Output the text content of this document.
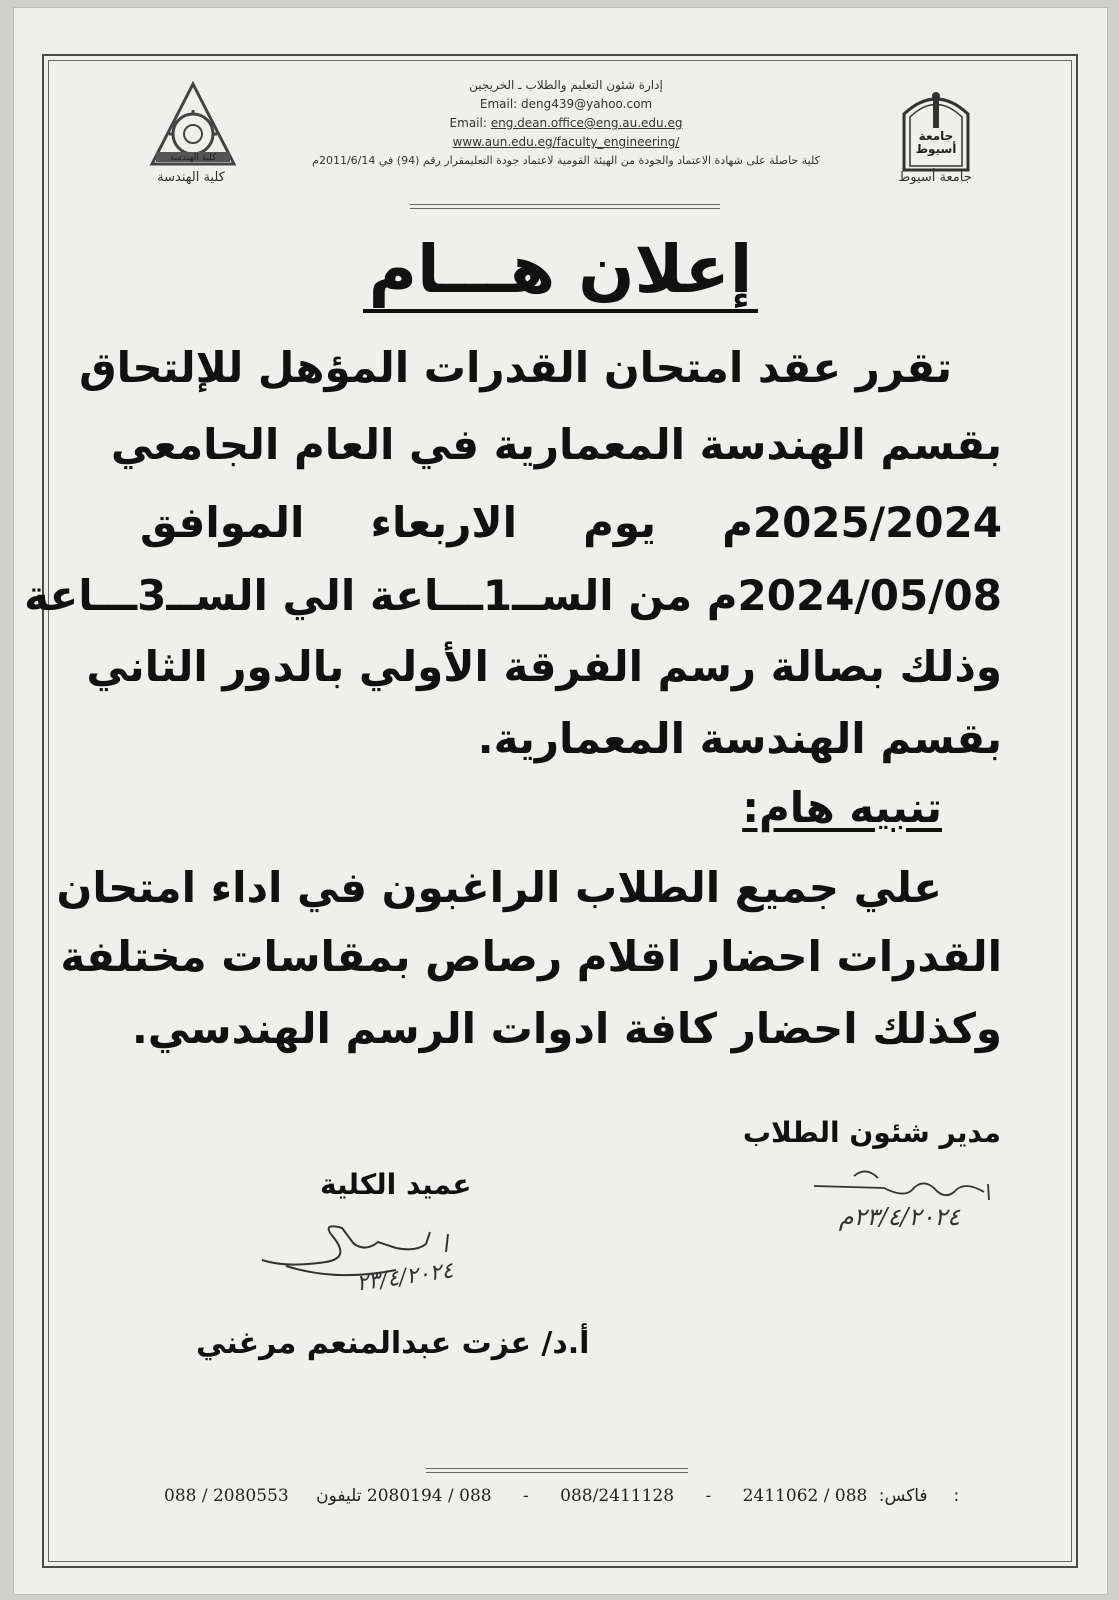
جامعة أسيوط
جامعة أسيوط
كلية الهندسة
كلية الهندسة
إدارة شئون التعليم والطلاب ـ الخريجين
Email: deng439@yahoo.com
Email: eng.dean.office@eng.au.edu.eg
www.aun.edu.eg/faculty_engineering/
كلية حاصلة على شهادة الاعتماد والجودة من الهيئة القومية لاعتماد جودة التعليمقرار رقم (94) في 2011/6/14م
إعلان هـــام
تقرر عقد امتحان القدرات المؤهل للإلتحاق
بقسم الهندسة المعمارية في العام الجامعي
2025/2024م يوم الاربعاء الموافق
2024/05/08م من الســ1ـــاعة الي الســ3ـــاعة
وذلك بصالة رسم الفرقة الأولي بالدور الثاني
بقسم الهندسة المعمارية.
تنبيه هام:
علي جميع الطلاب الراغبون في اداء امتحان
القدرات احضار اقلام رصاص بمقاسات مختلفة
وكذلك احضار كافة ادوات الرسم الهندسي.
مدير شئون الطلاب
٢٣/٤/٢٠٢٤م
عميد الكلية
٢٣/٤/٢٠٢٤
أ.د/ عزت عبدالمنعم مرغني
088 / 2080553	فاكس: 088 / 2411062 - 088/2411128 - 088 / 2080194 تليفون:
